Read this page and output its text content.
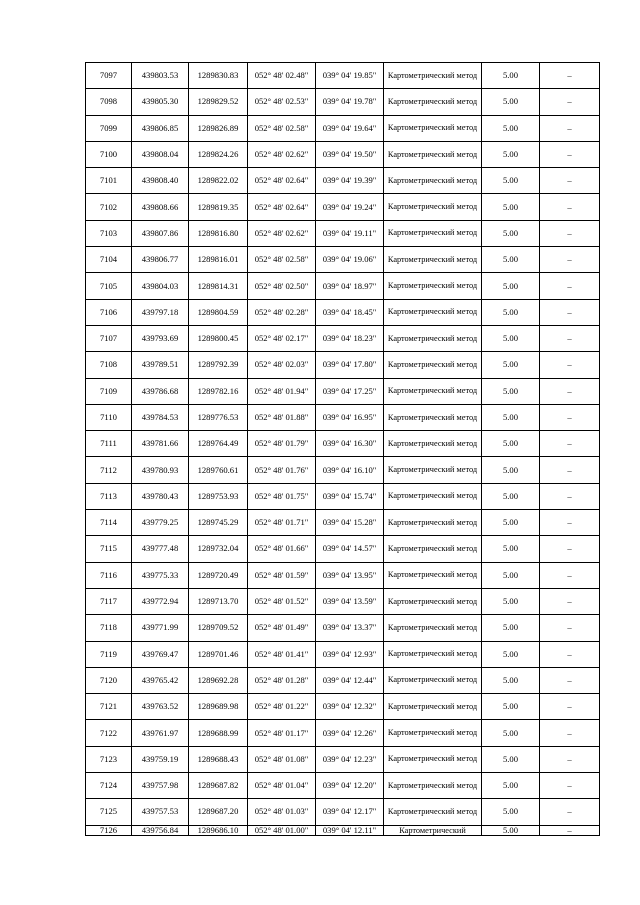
7097	439803.53	1289830.83	052° 48' 02.48"	039° 04' 19.85"	Картометрический метод	5.00	–
7098	439805.30	1289829.52	052° 48' 02.53"	039° 04' 19.78"	Картометрический метод	5.00	–
7099	439806.85	1289826.89	052° 48' 02.58"	039° 04' 19.64"	Картометрический метод	5.00	–
7100	439808.04	1289824.26	052° 48' 02.62"	039° 04' 19.50"	Картометрический метод	5.00	–
7101	439808.40	1289822.02	052° 48' 02.64"	039° 04' 19.39"	Картометрический метод	5.00	–
7102	439808.66	1289819.35	052° 48' 02.64"	039° 04' 19.24"	Картометрический метод	5.00	–
7103	439807.86	1289816.80	052° 48' 02.62"	039° 04' 19.11"	Картометрический метод	5.00	–
7104	439806.77	1289816.01	052° 48' 02.58"	039° 04' 19.06"	Картометрический метод	5.00	–
7105	439804.03	1289814.31	052° 48' 02.50"	039° 04' 18.97"	Картометрический метод	5.00	–
7106	439797.18	1289804.59	052° 48' 02.28"	039° 04' 18.45"	Картометрический метод	5.00	–
7107	439793.69	1289800.45	052° 48' 02.17"	039° 04' 18.23"	Картометрический метод	5.00	–
7108	439789.51	1289792.39	052° 48' 02.03"	039° 04' 17.80"	Картометрический метод	5.00	–
7109	439786.68	1289782.16	052° 48' 01.94"	039° 04' 17.25"	Картометрический метод	5.00	–
7110	439784.53	1289776.53	052° 48' 01.88"	039° 04' 16.95"	Картометрический метод	5.00	–
7111	439781.66	1289764.49	052° 48' 01.79"	039° 04' 16.30"	Картометрический метод	5.00	–
7112	439780.93	1289760.61	052° 48' 01.76"	039° 04' 16.10"	Картометрический метод	5.00	–
7113	439780.43	1289753.93	052° 48' 01.75"	039° 04' 15.74"	Картометрический метод	5.00	–
7114	439779.25	1289745.29	052° 48' 01.71"	039° 04' 15.28"	Картометрический метод	5.00	–
7115	439777.48	1289732.04	052° 48' 01.66"	039° 04' 14.57"	Картометрический метод	5.00	–
7116	439775.33	1289720.49	052° 48' 01.59"	039° 04' 13.95"	Картометрический метод	5.00	–
7117	439772.94	1289713.70	052° 48' 01.52"	039° 04' 13.59"	Картометрический метод	5.00	–
7118	439771.99	1289709.52	052° 48' 01.49"	039° 04' 13.37"	Картометрический метод	5.00	–
7119	439769.47	1289701.46	052° 48' 01.41"	039° 04' 12.93"	Картометрический метод	5.00	–
7120	439765.42	1289692.28	052° 48' 01.28"	039° 04' 12.44"	Картометрический метод	5.00	–
7121	439763.52	1289689.98	052° 48' 01.22"	039° 04' 12.32"	Картометрический метод	5.00	–
7122	439761.97	1289688.99	052° 48' 01.17"	039° 04' 12.26"	Картометрический метод	5.00	–
7123	439759.19	1289688.43	052° 48' 01.08"	039° 04' 12.23"	Картометрический метод	5.00	–
7124	439757.98	1289687.82	052° 48' 01.04"	039° 04' 12.20"	Картометрический метод	5.00	–
7125	439757.53	1289687.20	052° 48' 01.03"	039° 04' 12.17"	Картометрический метод	5.00	–
7126	439756.84	1289686.10	052° 48' 01.00"	039° 04' 12.11"	Картометрический	5.00	–
